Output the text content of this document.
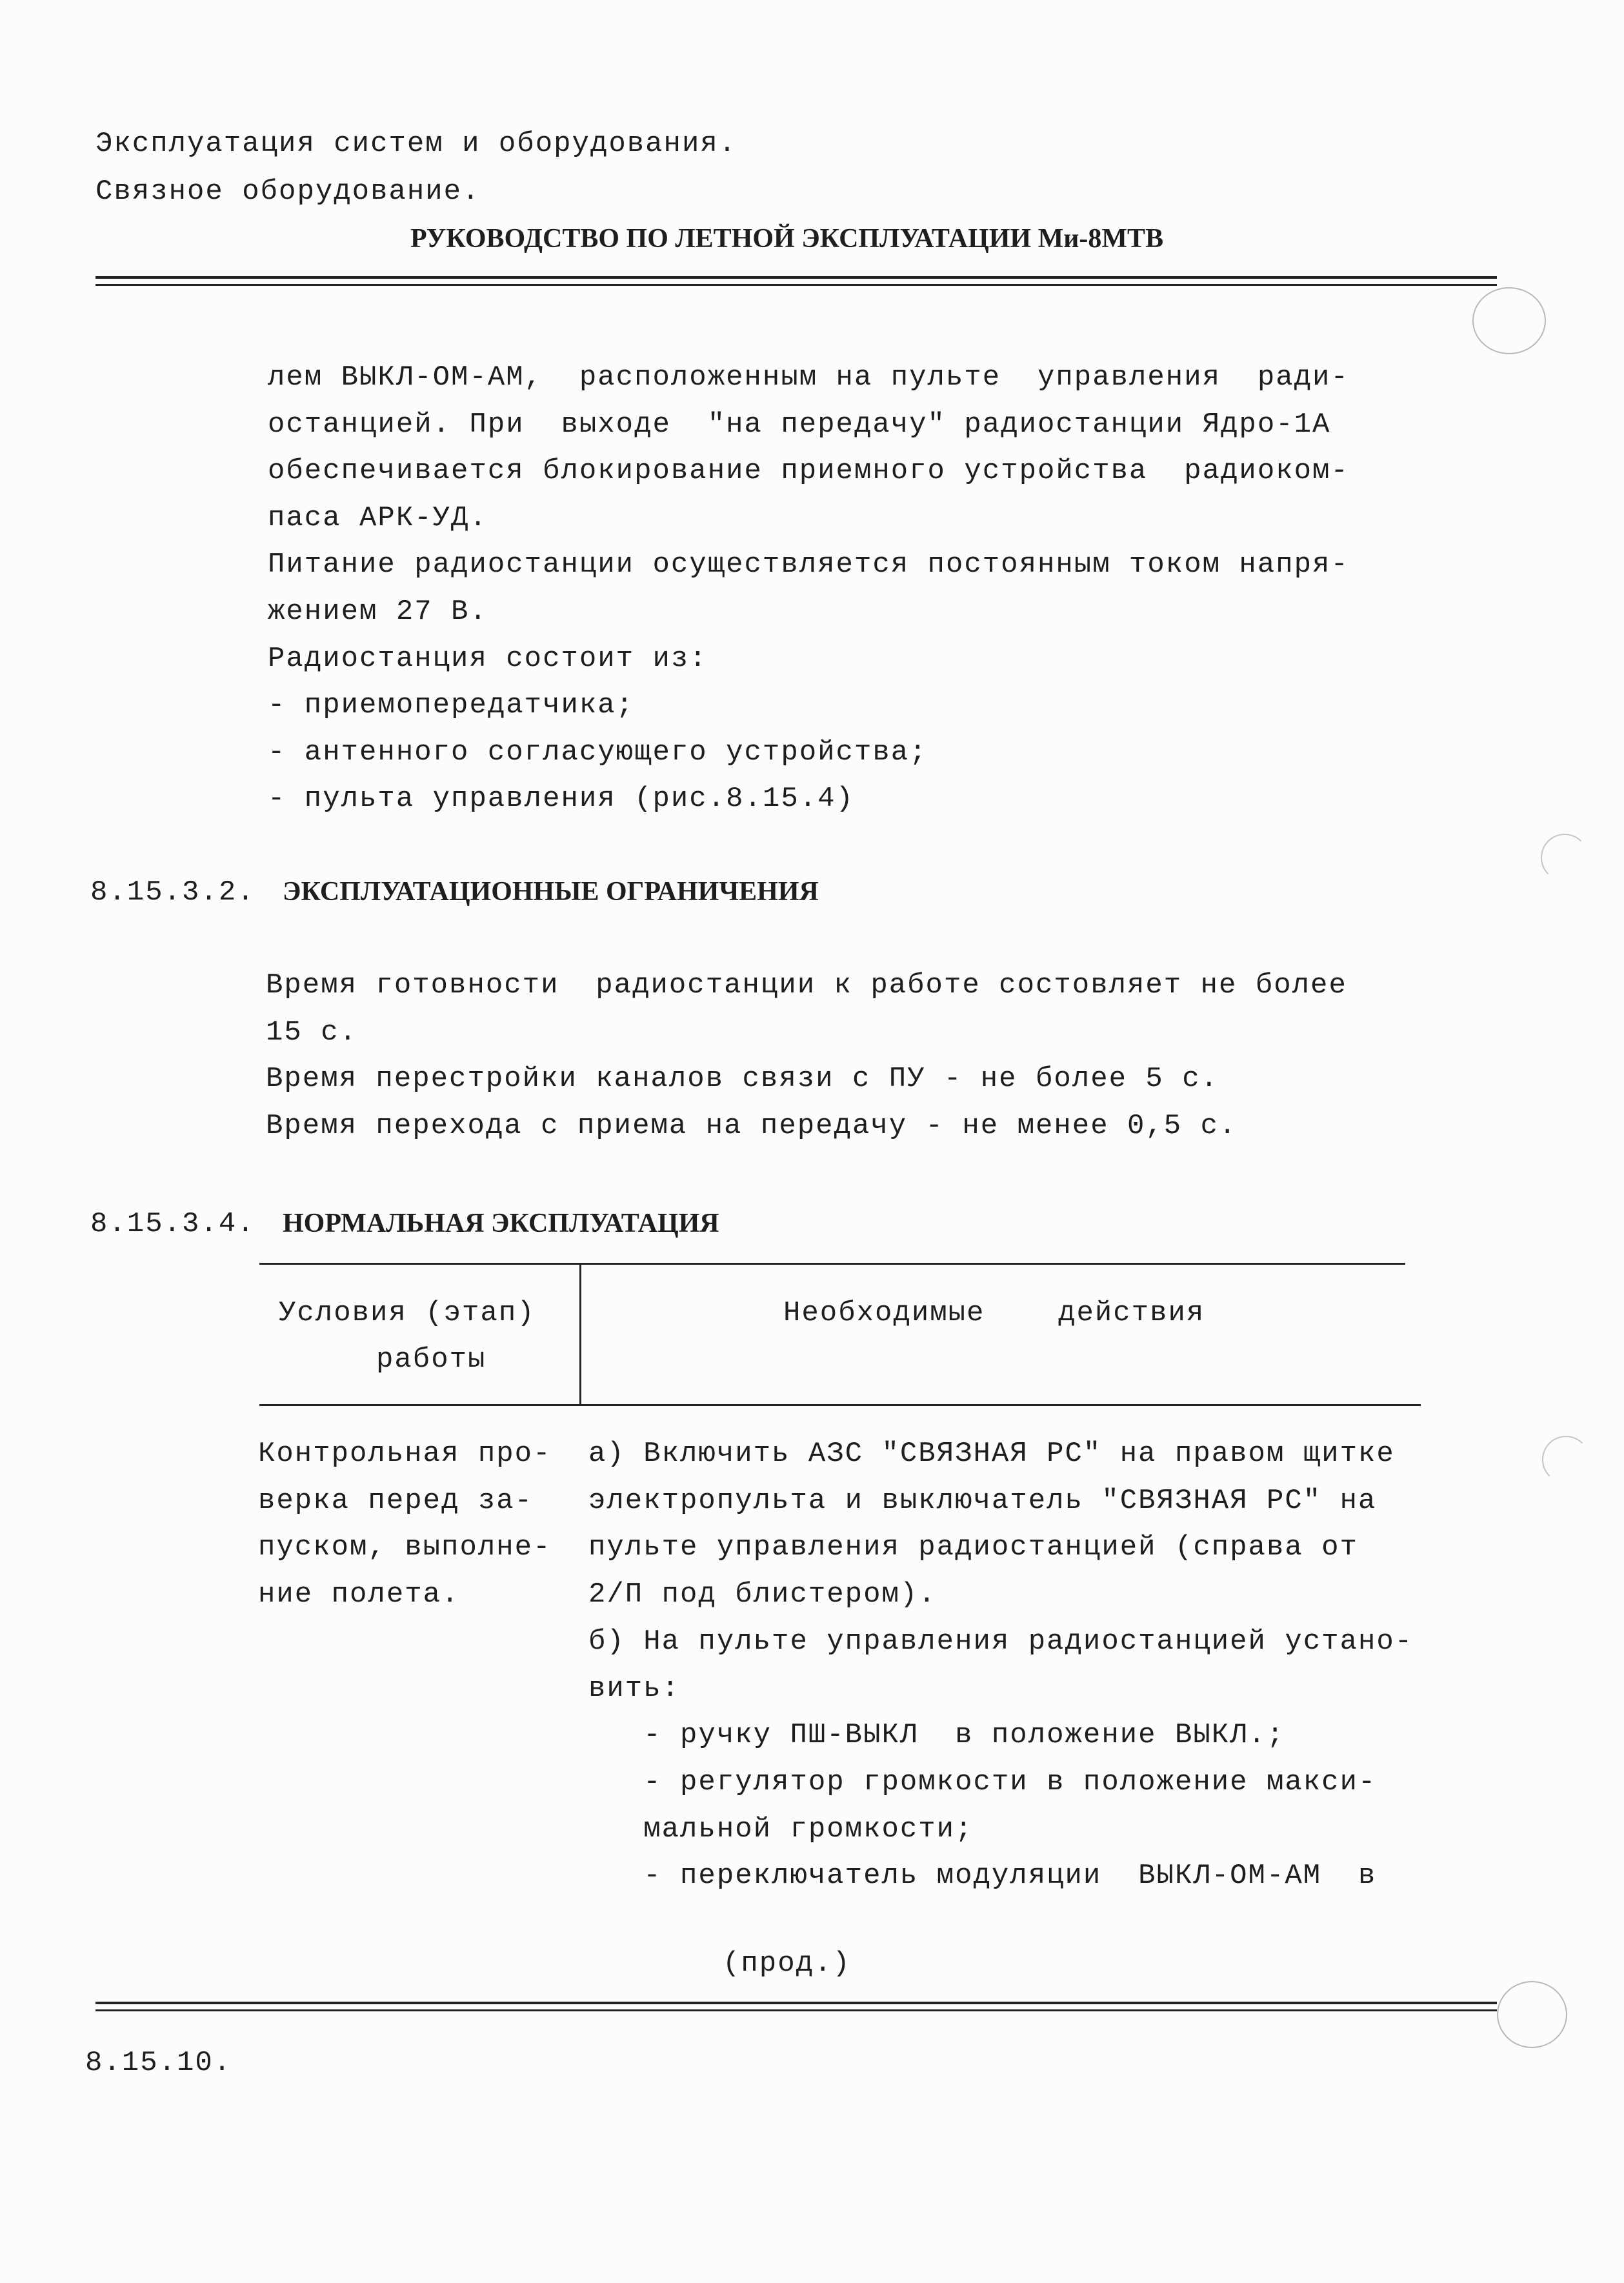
Эксплуатация систем и оборудования.
Связное оборудование.
РУКОВОДСТВО ПО ЛЕТНОЙ ЭКСПЛУАТАЦИИ Ми-8МТВ
лем ВЫКЛ-ОМ-АМ,  расположенным на пульте  управления  ради-
останцией. При  выходе  "на передачу" радиостанции Ядро-1А
обеспечивается блокирование приемного устройства  радиоком-
паса АРК-УД.
Питание радиостанции осуществляется постоянным током напря-
жением 27 В.
Радиостанция состоит из:
- приемопередатчика;
- антенного согласующего устройства;
- пульта управления (рис.8.15.4)
8.15.3.2. ЭКСПЛУАТАЦИОННЫЕ ОГРАНИЧЕНИЯ
Время готовности  радиостанции к работе состовляет не более
15 с.
Время перестройки каналов связи с ПУ - не более 5 с.
Время перехода с приема на передачу - не менее 0,5 с.
8.15.3.4. НОРМАЛЬНАЯ ЭКСПЛУАТАЦИЯ
Условия (этап)
работы
Необходимые    действия
Контрольная про-
верка перед за-
пуском, выполне-
ние полета.
а) Включить АЗС "СВЯЗНАЯ РС" на правом щитке
электропульта и выключатель "СВЯЗНАЯ РС" на
пульте управления радиостанцией (справа от
2/П под блистером).
б) На пульте управления радиостанцией устано-
вить:
- ручку ПШ-ВЫКЛ  в положение ВЫКЛ.;
- регулятор громкости в положение макси-
мальной громкости;
- переключатель модуляции  ВЫКЛ-ОМ-АМ  в
(прод.)
8.15.10.
